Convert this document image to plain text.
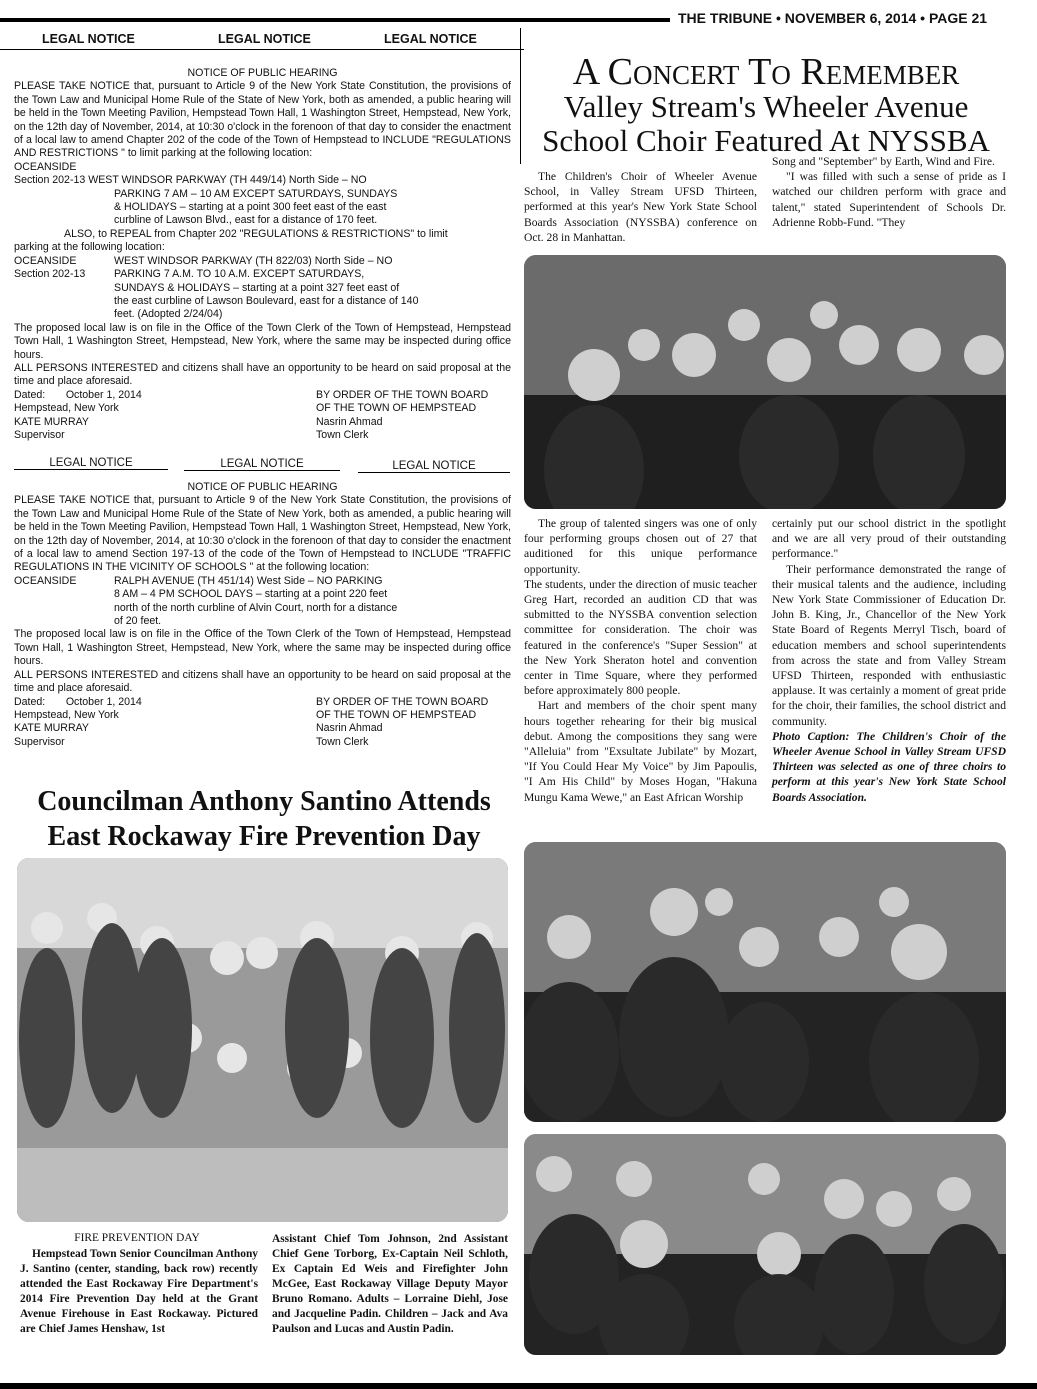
THE TRIBUNE • NOVEMBER 6, 2014 • PAGE 21
LEGAL NOTICE	LEGAL NOTICE	LEGAL NOTICE

NOTICE OF PUBLIC HEARING

PLEASE TAKE NOTICE that, pursuant to Article 9 of the New York State Constitution, the provisions of the Town Law and Municipal Home Rule of the State of New York, both as amended, a public hearing will be held in the Town Meeting Pavilion, Hempstead Town Hall, 1 Washington Street, Hempstead, New York, on the 12th day of November, 2014, at 10:30 o'clock in the forenoon of that day to consider the enactment of a local law to amend Chapter 202 of the code of the Town of Hempstead to INCLUDE "REGULATIONS AND RESTRICTIONS " to limit parking at the following location:

OCEANSIDE

Section 202-13 WEST WINDSOR PARKWAY (TH 449/14) North Side – NO

PARKING 7 AM – 10 AM EXCEPT SATURDAYS, SUNDAYS

& HOLIDAYS – starting at a point 300 feet east of the east

curbline of Lawson Blvd., east for a distance of 170 feet.

ALSO, to REPEAL from Chapter 202 "REGULATIONS & RESTRICTIONS" to limit

parking at the following location:

OCEANSIDE	WEST WINDSOR PARKWAY (TH 822/03) North Side – NO
Section 202-13	PARKING 7 A.M. TO 10 A.M. EXCEPT SATURDAYS,

SUNDAYS & HOLIDAYS – starting at a point 327 feet east of

the east curbline of Lawson Boulevard, east for a distance of 140

feet. (Adopted 2/24/04)

The proposed local law is on file in the Office of the Town Clerk of the Town of Hempstead, Hempstead Town Hall, 1 Washington Street, Hempstead, New York, where the same may be inspected during office hours.

ALL PERSONS INTERESTED and citizens shall have an opportunity to be heard on said proposal at the time and place aforesaid.

Dated:       October 1, 2014	BY ORDER OF THE TOWN BOARD
Hempstead, New York	OF THE TOWN OF HEMPSTEAD
KATE MURRAY	Nasrin Ahmad
Supervisor	Town Clerk
LEGAL NOTICE	LEGAL NOTICE	LEGAL NOTICE

NOTICE OF PUBLIC HEARING

PLEASE TAKE NOTICE that, pursuant to Article 9 of the New York State Constitution, the provisions of the Town Law and Municipal Home Rule of the State of New York, both as amended, a public hearing will be held in the Town Meeting Pavilion, Hempstead Town Hall, 1 Washington Street, Hempstead, New York, on the 12th day of November, 2014, at 10:30 o'clock in the forenoon of that day to consider the enactment of a local law to amend Section 197-13 of the code of the Town of Hempstead to INCLUDE "TRAFFIC REGULATIONS IN THE VICINITY OF SCHOOLS " at the following location:

OCEANSIDE	RALPH AVENUE (TH 451/14) West Side – NO PARKING

8 AM – 4 PM SCHOOL DAYS – starting at a point 220 feet

north of the north curbline of Alvin Court, north for a distance

of 20 feet.

The proposed local law is on file in the Office of the Town Clerk of the Town of Hempstead, Hempstead Town Hall, 1 Washington Street, Hempstead, New York, where the same may be inspected during office hours.

ALL PERSONS INTERESTED and citizens shall have an opportunity to be heard on said proposal at the time and place aforesaid.

Dated:       October 1, 2014	BY ORDER OF THE TOWN BOARD
Hempstead, New York	OF THE TOWN OF HEMPSTEAD
KATE MURRAY	Nasrin Ahmad
Supervisor	Town Clerk
A Concert To Remember
Valley Stream's Wheeler Avenue
School Choir Featured At NYSSBA

The Children's Choir of Wheeler Avenue School, in Valley Stream UFSD Thirteen, performed at this year's New York State School Boards Association (NYSSBA) conference on Oct. 28 in Manhattan.

Song and "September" by Earth, Wind and Fire.

"I was filled with such a sense of pride as I watched our children perform with grace and talent," stated Superintendent of Schools Dr. Adrienne Robb-Fund. "They

The group of talented singers was one of only four performing groups chosen out of 27 that auditioned for this unique performance opportunity.

The students, under the direction of music teacher Greg Hart, recorded an audition CD that was submitted to the NYSSBA convention selection committee for consideration. The choir was featured in the conference's "Super Session" at the New York Sheraton hotel and convention center in Time Square, where they performed before approximately 800 people.

Hart and members of the choir spent many hours together rehearing for their big musical debut. Among the compositions they sang were "Alleluia" from "Exsultate Jubilate" by Mozart, "If You Could Hear My Voice" by Jim Papoulis, "I Am His Child" by Moses Hogan, "Hakuna Mungu Kama Wewe," an East African Worship

certainly put our school district in the spotlight and we are all very proud of their outstanding performance."

Their performance demonstrated the range of their musical talents and the audience, including New York State Commissioner of Education Dr. John B. King, Jr., Chancellor of the New York State Board of Regents Merryl Tisch, board of education members and school superintendents from across the state and from Valley Stream UFSD Thirteen, responded with enthusiastic applause. It was certainly a moment of great pride for the choir, their families, the school district and community.

Photo Caption: The Children's Choir of the Wheeler Avenue School in Valley Stream UFSD Thirteen was selected as one of three choirs to perform at this year's New York State School Boards Association.

Councilman Anthony Santino Attends
East Rockaway Fire Prevention Day
FIRE PREVENTION DAY

Hempstead Town Senior Councilman Anthony J. Santino (center, standing, back row) recently attended the East Rockaway Fire Department's 2014 Fire Prevention Day held at the Grant Avenue Firehouse in East Rockaway. Pictured are Chief James Henshaw, 1st

Assistant Chief Tom Johnson, 2nd Assistant Chief Gene Torborg, Ex-Captain Neil Schloth, Ex Captain Ed Weis and Firefighter John McGee, East Rockaway Village Deputy Mayor Bruno Romano. Adults – Lorraine Diehl, Jose and Jacqueline Padin. Children – Jack and Ava Paulson and Lucas and Austin Padin.
